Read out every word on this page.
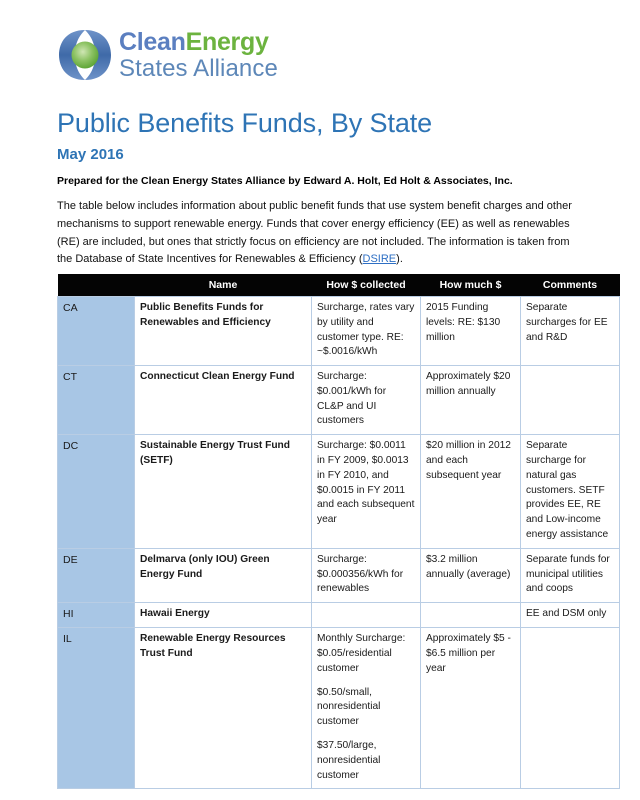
CleanEnergy
States Alliance
Public Benefits Funds, By State
May 2016
Prepared for the Clean Energy States Alliance by Edward A. Holt, Ed Holt & Associates, Inc.
The table below includes information about public benefit funds that use system benefit charges and other mechanisms to support renewable energy. Funds that cover energy efficiency (EE) as well as renewables (RE) are included, but ones that strictly focus on efficiency are not included. The information is taken from the Database of State Incentives for Renewables & Efficiency (DSIRE).
	Name	How $ collected	How much $	Comments
CA	Public Benefits Funds for Renewables and Efficiency	Surcharge, rates vary by utility and customer type. RE: ~$.0016/kWh	2015 Funding levels: RE: $130 million	Separate surcharges for EE and R&D

CT	Connecticut Clean Energy Fund	Surcharge: $0.001/kWh for CL&P and UI customers	Approximately $20 million annually	

DC	Sustainable Energy Trust Fund (SETF)	Surcharge: $0.0011 in FY 2009, $0.0013 in FY 2010, and $0.0015 in FY 2011 and each subsequent year	$20 million in 2012 and each subsequent year	Separate surcharge for natural gas customers. SETF provides EE, RE and Low-income energy assistance

DE	Delmarva (only IOU) Green Energy Fund	Surcharge: $0.000356/kWh for renewables	$3.2 million annually (average)	Separate funds for municipal utilities and coops

HI	Hawaii Energy			EE and DSM only

IL	Renewable Energy Resources Trust Fund	Monthly Surcharge: $0.05/residential customer

$0.50/small, nonresidential customer

$37.50/large, nonresidential customer	Approximately $5 - $6.5 million per year	
